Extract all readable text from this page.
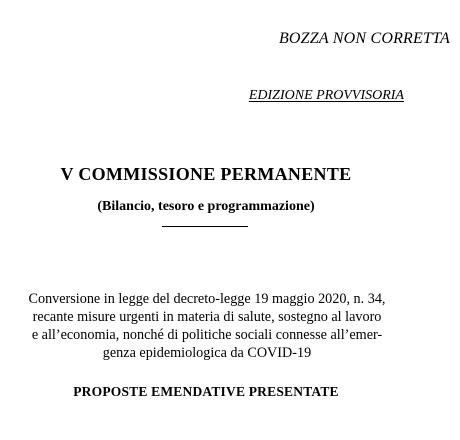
BOZZA NON CORRETTA
EDIZIONE PROVVISORIA
V COMMISSIONE PERMANENTE
(Bilancio, tesoro e programmazione)
Conversione in legge del decreto-legge 19 maggio 2020, n. 34,
recante misure urgenti in materia di salute, sostegno al lavoro
e all’economia, nonché di politiche sociali connesse all’emer-
genza epidemiologica da COVID-19
PROPOSTE EMENDATIVE PRESENTATE
